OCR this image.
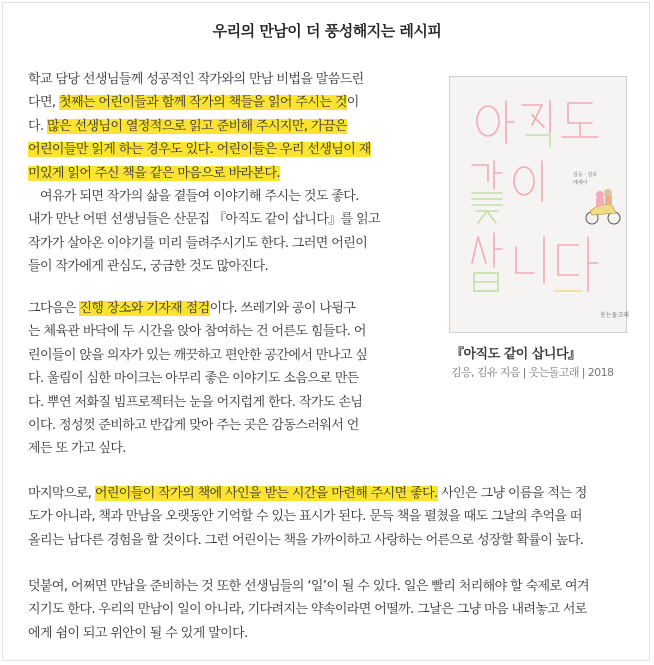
우리의 만남이 더 풍성해지는 레시피
학교 담당 선생님들께 성공적인 작가와의 만남 비법을 말씀드린
다면, 첫째는 어린이들과 함께 작가의 책들을 읽어 주시는 것이
다. 많은 선생님이 열정적으로 읽고 준비해 주시지만, 가끔은
어린이들만 읽게 하는 경우도 있다. 어린이들은 우리 선생님이 재
미있게 읽어 주신 책을 같은 마음으로 바라본다.
여유가 되면 작가의 삶을 곁들여 이야기해 주시는 것도 좋다.
내가 만난 어떤 선생님들은 산문집 『아직도 같이 삽니다』를 읽고
작가가 살아온 이야기를 미리 들려주시기도 한다. 그러면 어린이
들이 작가에게 관심도, 궁금한 것도 많아진다.
그다음은 진행 장소와 기자재 점검이다. 쓰레기와 공이 나뒹구
는 체육관 바닥에 두 시간을 앉아 참여하는 건 어른도 힘들다. 어
린이들이 앉을 의자가 있는 깨끗하고 편안한 공간에서 만나고 싶
다. 울림이 심한 마이크는 아무리 좋은 이야기도 소음으로 만든
다. 뿌연 저화질 빔프로젝터는 눈을 어지럽게 한다. 작가도 손님
이다. 정성껏 준비하고 반갑게 맞아 주는 곳은 감동스러워서 언
제든 또 가고 싶다.
마지막으로, 어린이들이 작가의 책에 사인을 받는 시간을 마련해 주시면 좋다. 사인은 그냥 이름을 적는 정
도가 아니라, 책과 만남을 오랫동안 기억할 수 있는 표시가 된다. 문득 책을 펼쳤을 때도 그날의 추억을 떠
올리는 남다른 경험을 할 것이다. 그런 어린이는 책을 가까이하고 사랑하는 어른으로 성장할 확률이 높다.
덧붙여, 어쩌면 만남을 준비하는 것 또한 선생님들의 ‘일’이 될 수 있다. 일은 빨리 처리해야 할 숙제로 여겨
지기도 한다. 우리의 만남이 일이 아니라, 기다려지는 약속이라면 어떨까. 그날은 그냥 마음 내려놓고 서로
에게 쉼이 되고 위안이 될 수 있게 말이다.
김응 · 김유
에세이
웃는돌고래
『아직도 같이 삽니다』
김응, 김유 지음 | 웃는돌고래 | 2018
